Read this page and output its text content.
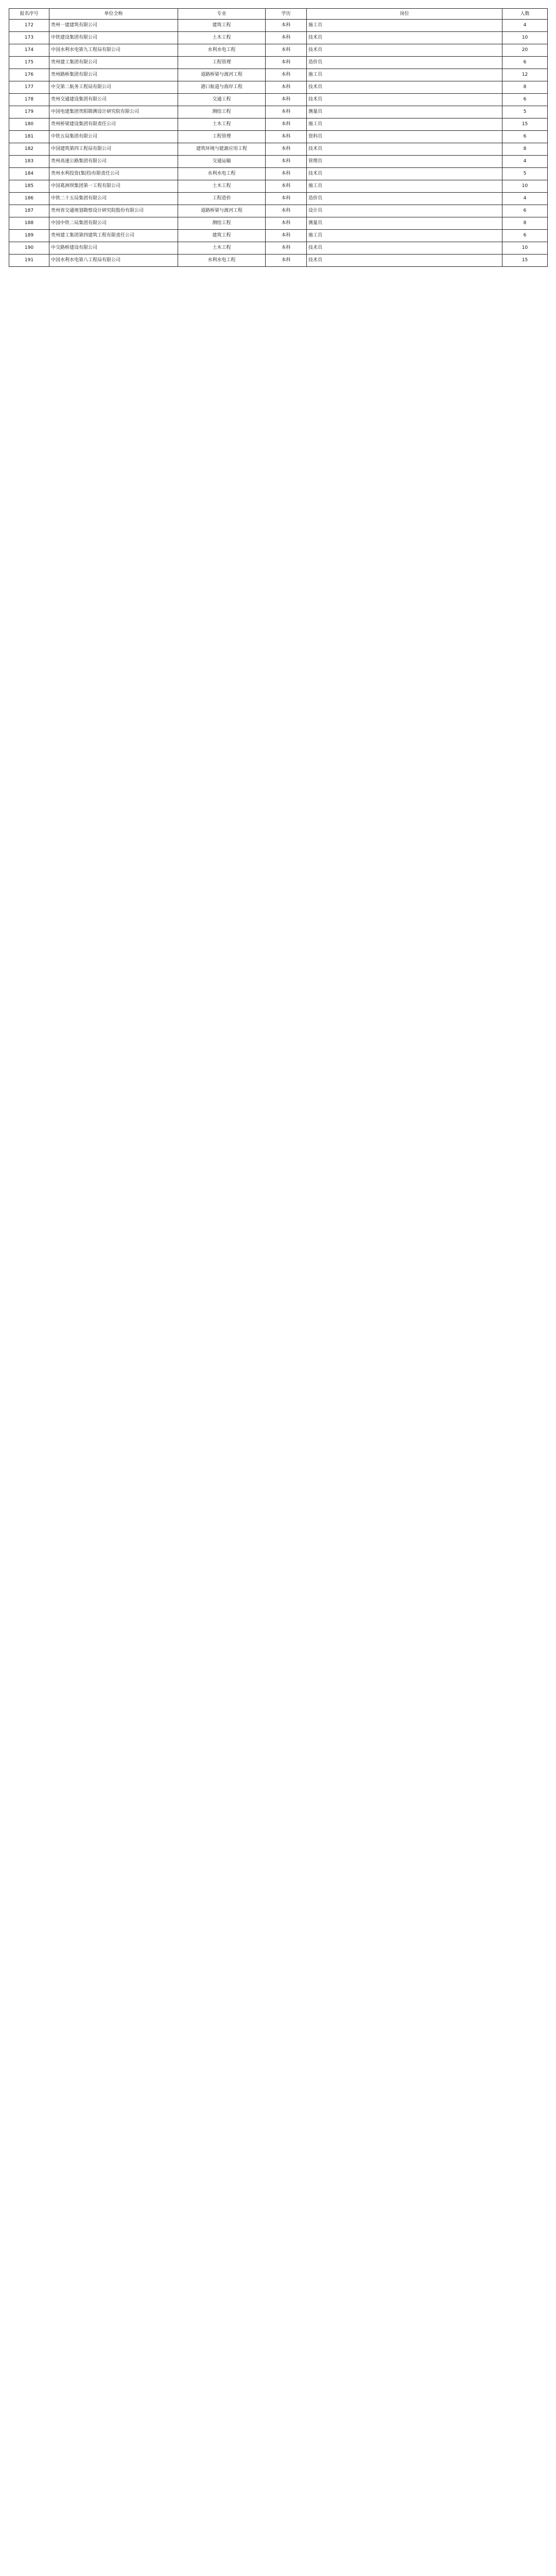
报名序号	单位全称	专业	学历	岗位	人数
172	贵州一建建筑有限公司	建筑工程	本科	施工员	4
173	中铁建设集团有限公司	土木工程	本科	技术员	10
174	中国水利水电第九工程局有限公司	水利水电工程	本科	技术员	20
175	贵州建工集团有限公司	工程管理	本科	造价员	6
176	贵州路桥集团有限公司	道路桥梁与渡河工程	本科	施工员	12
177	中交第二航务工程局有限公司	港口航道与海岸工程	本科	技术员	8
178	贵州交通建设集团有限公司	交通工程	本科	技术员	6
179	中国电建集团贵阳勘测设计研究院有限公司	测绘工程	本科	测量员	5
180	贵州桥梁建设集团有限责任公司	土木工程	本科	施工员	15
181	中铁五局集团有限公司	工程管理	本科	资料员	6
182	中国建筑第四工程局有限公司	建筑环境与能源应用工程	本科	技术员	8
183	贵州高速公路集团有限公司	交通运输	本科	管理员	4
184	贵州水利投资(集团)有限责任公司	水利水电工程	本科	技术员	5
185	中国葛洲坝集团第一工程有限公司	土木工程	本科	施工员	10
186	中铁二十五局集团有限公司	工程造价	本科	造价员	4
187	贵州省交通规划勘察设计研究院股份有限公司	道路桥梁与渡河工程	本科	设计员	6
188	中国中铁二局集团有限公司	测绘工程	本科	测量员	8
189	贵州建工集团第四建筑工程有限责任公司	建筑工程	本科	施工员	6
190	中交路桥建设有限公司	土木工程	本科	技术员	10
191	中国水利水电第八工程局有限公司	水利水电工程	本科	技术员	15
